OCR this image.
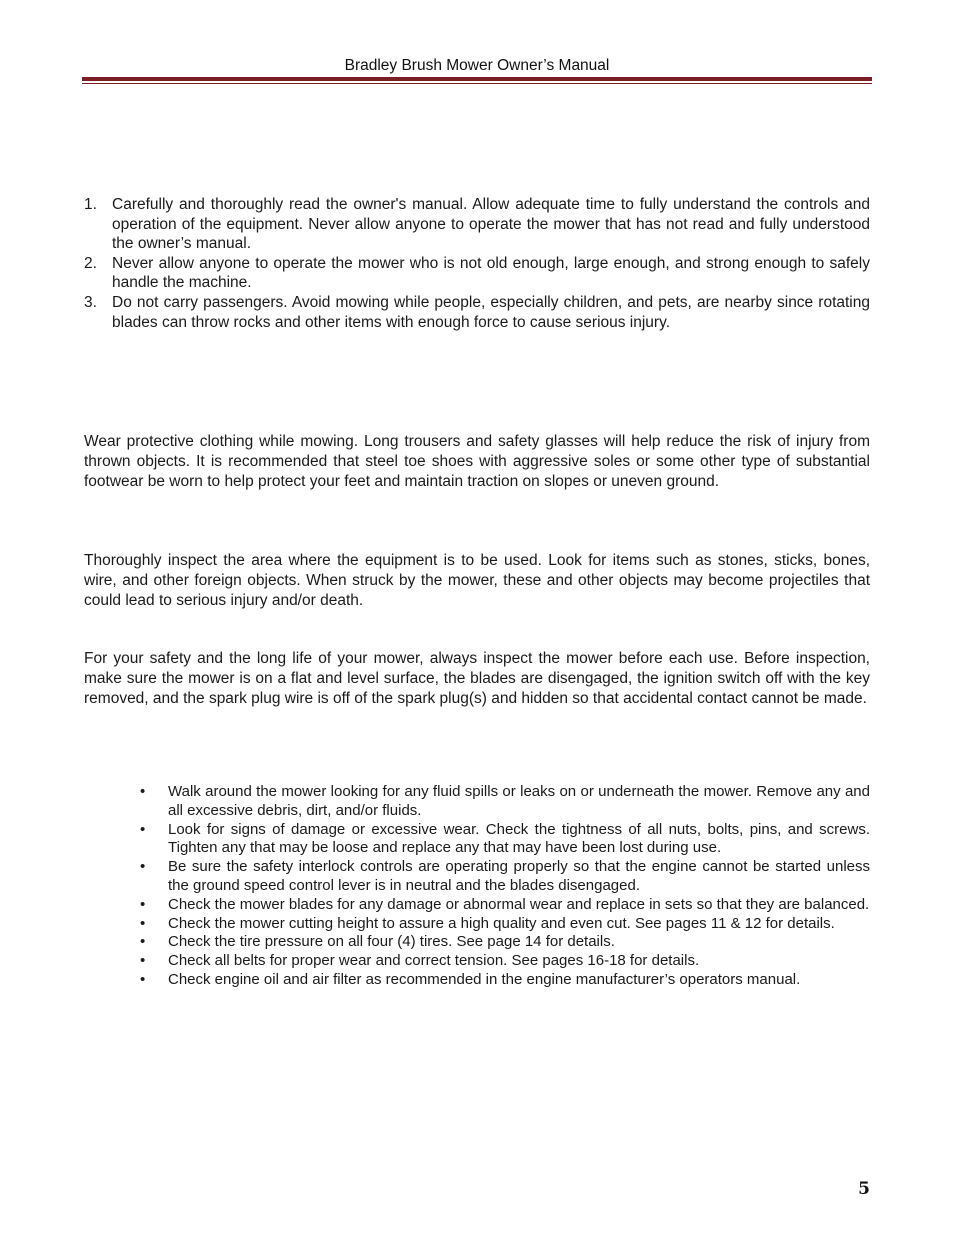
Bradley Brush Mower Owner’s Manual
1. Carefully and thoroughly read the owner's manual. Allow adequate time to fully understand the controls and operation of the equipment. Never allow anyone to operate the mower that has not read and fully understood the owner’s manual.
2. Never allow anyone to operate the mower who is not old enough, large enough, and strong enough to safely handle the machine.
3. Do not carry passengers. Avoid mowing while people, especially children, and pets, are nearby since rotating blades can throw rocks and other items with enough force to cause serious injury.

Wear protective clothing while mowing. Long trousers and safety glasses will help reduce the risk of injury from thrown objects. It is recommended that steel toe shoes with aggressive soles or some other type of substantial footwear be worn to help protect your feet and maintain traction on slopes or uneven ground.

Thoroughly inspect the area where the equipment is to be used. Look for items such as stones, sticks, bones, wire, and other foreign objects. When struck by the mower, these and other objects may become projectiles that could lead to serious injury and/or death.

For your safety and the long life of your mower, always inspect the mower before each use. Before inspection, make sure the mower is on a flat and level surface, the blades are disengaged, the ignition switch off with the key removed, and the spark plug wire is off of the spark plug(s) and hidden so that accidental contact cannot be made.

• Walk around the mower looking for any fluid spills or leaks on or underneath the mower. Remove any and all excessive debris, dirt, and/or fluids.
• Look for signs of damage or excessive wear. Check the tightness of all nuts, bolts, pins, and screws. Tighten any that may be loose and replace any that may have been lost during use.
• Be sure the safety interlock controls are operating properly so that the engine cannot be started unless the ground speed control lever is in neutral and the blades disengaged.
• Check the mower blades for any damage or abnormal wear and replace in sets so that they are balanced.
• Check the mower cutting height to assure a high quality and even cut. See pages 11 & 12 for details.
• Check the tire pressure on all four (4) tires. See page 14 for details.
• Check all belts for proper wear and correct tension. See pages 16-18 for details.
• Check engine oil and air filter as recommended in the engine manufacturer’s operators manual.
5
